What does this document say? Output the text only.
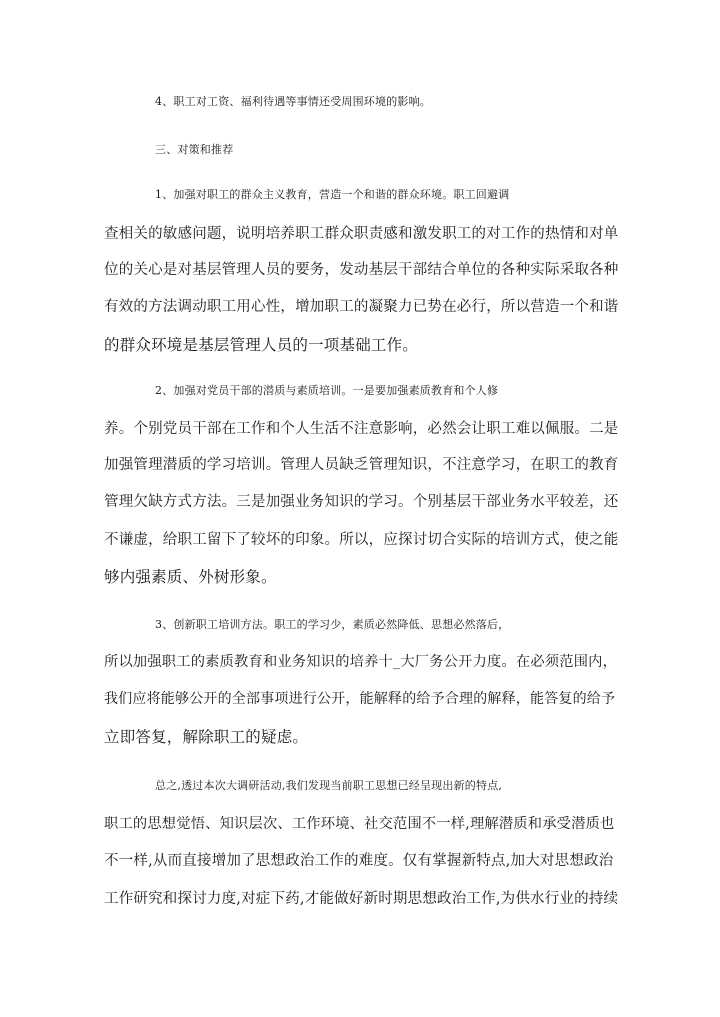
4、职工对工资、福利待遇等事情还受周围环境的影响。
三、对策和推荐
1、加强对职工的群众主义教育，营造一个和谐的群众环境。职工回避调
查相关的敏感问题，说明培养职工群众职责感和激发职工的对工作的热情和对单
位的关心是对基层管理人员的要务，发动基层干部结合单位的各种实际采取各种
有效的方法调动职工用心性，增加职工的凝聚力已势在必行，所以营造一个和谐
的群众环境是基层管理人员的一项基础工作。
2、加强对党员干部的潜质与素质培训。一是要加强素质教育和个人修
养。个别党员干部在工作和个人生活不注意影响，必然会让职工难以佩服。二是
加强管理潜质的学习培训。管理人员缺乏管理知识，不注意学习，在职工的教育
管理欠缺方式方法。三是加强业务知识的学习。个别基层干部业务水平较差，还
不谦虚，给职工留下了较坏的印象。所以，应探讨切合实际的培训方式，使之能
够内强素质、外树形象。
3、创新职工培训方法。职工的学习少，素质必然降低、思想必然落后，
所以加强职工的素质教育和业务知识的培养十_大厂务公开力度。在必须范围内，
我们应将能够公开的全部事项进行公开，能解释的给予合理的解释，能答复的给予
立即答复，解除职工的疑虑。
总之,透过本次大调研活动,我们发现当前职工思想已经呈现出新的特点,
职工的思想觉悟、知识层次、工作环境、社交范围不一样,理解潜质和承受潜质也
不一样,从而直接增加了思想政治工作的难度。仅有掌握新特点,加大对思想政治
工作研究和探讨力度,对症下药,才能做好新时期思想政治工作,为供水行业的持续
